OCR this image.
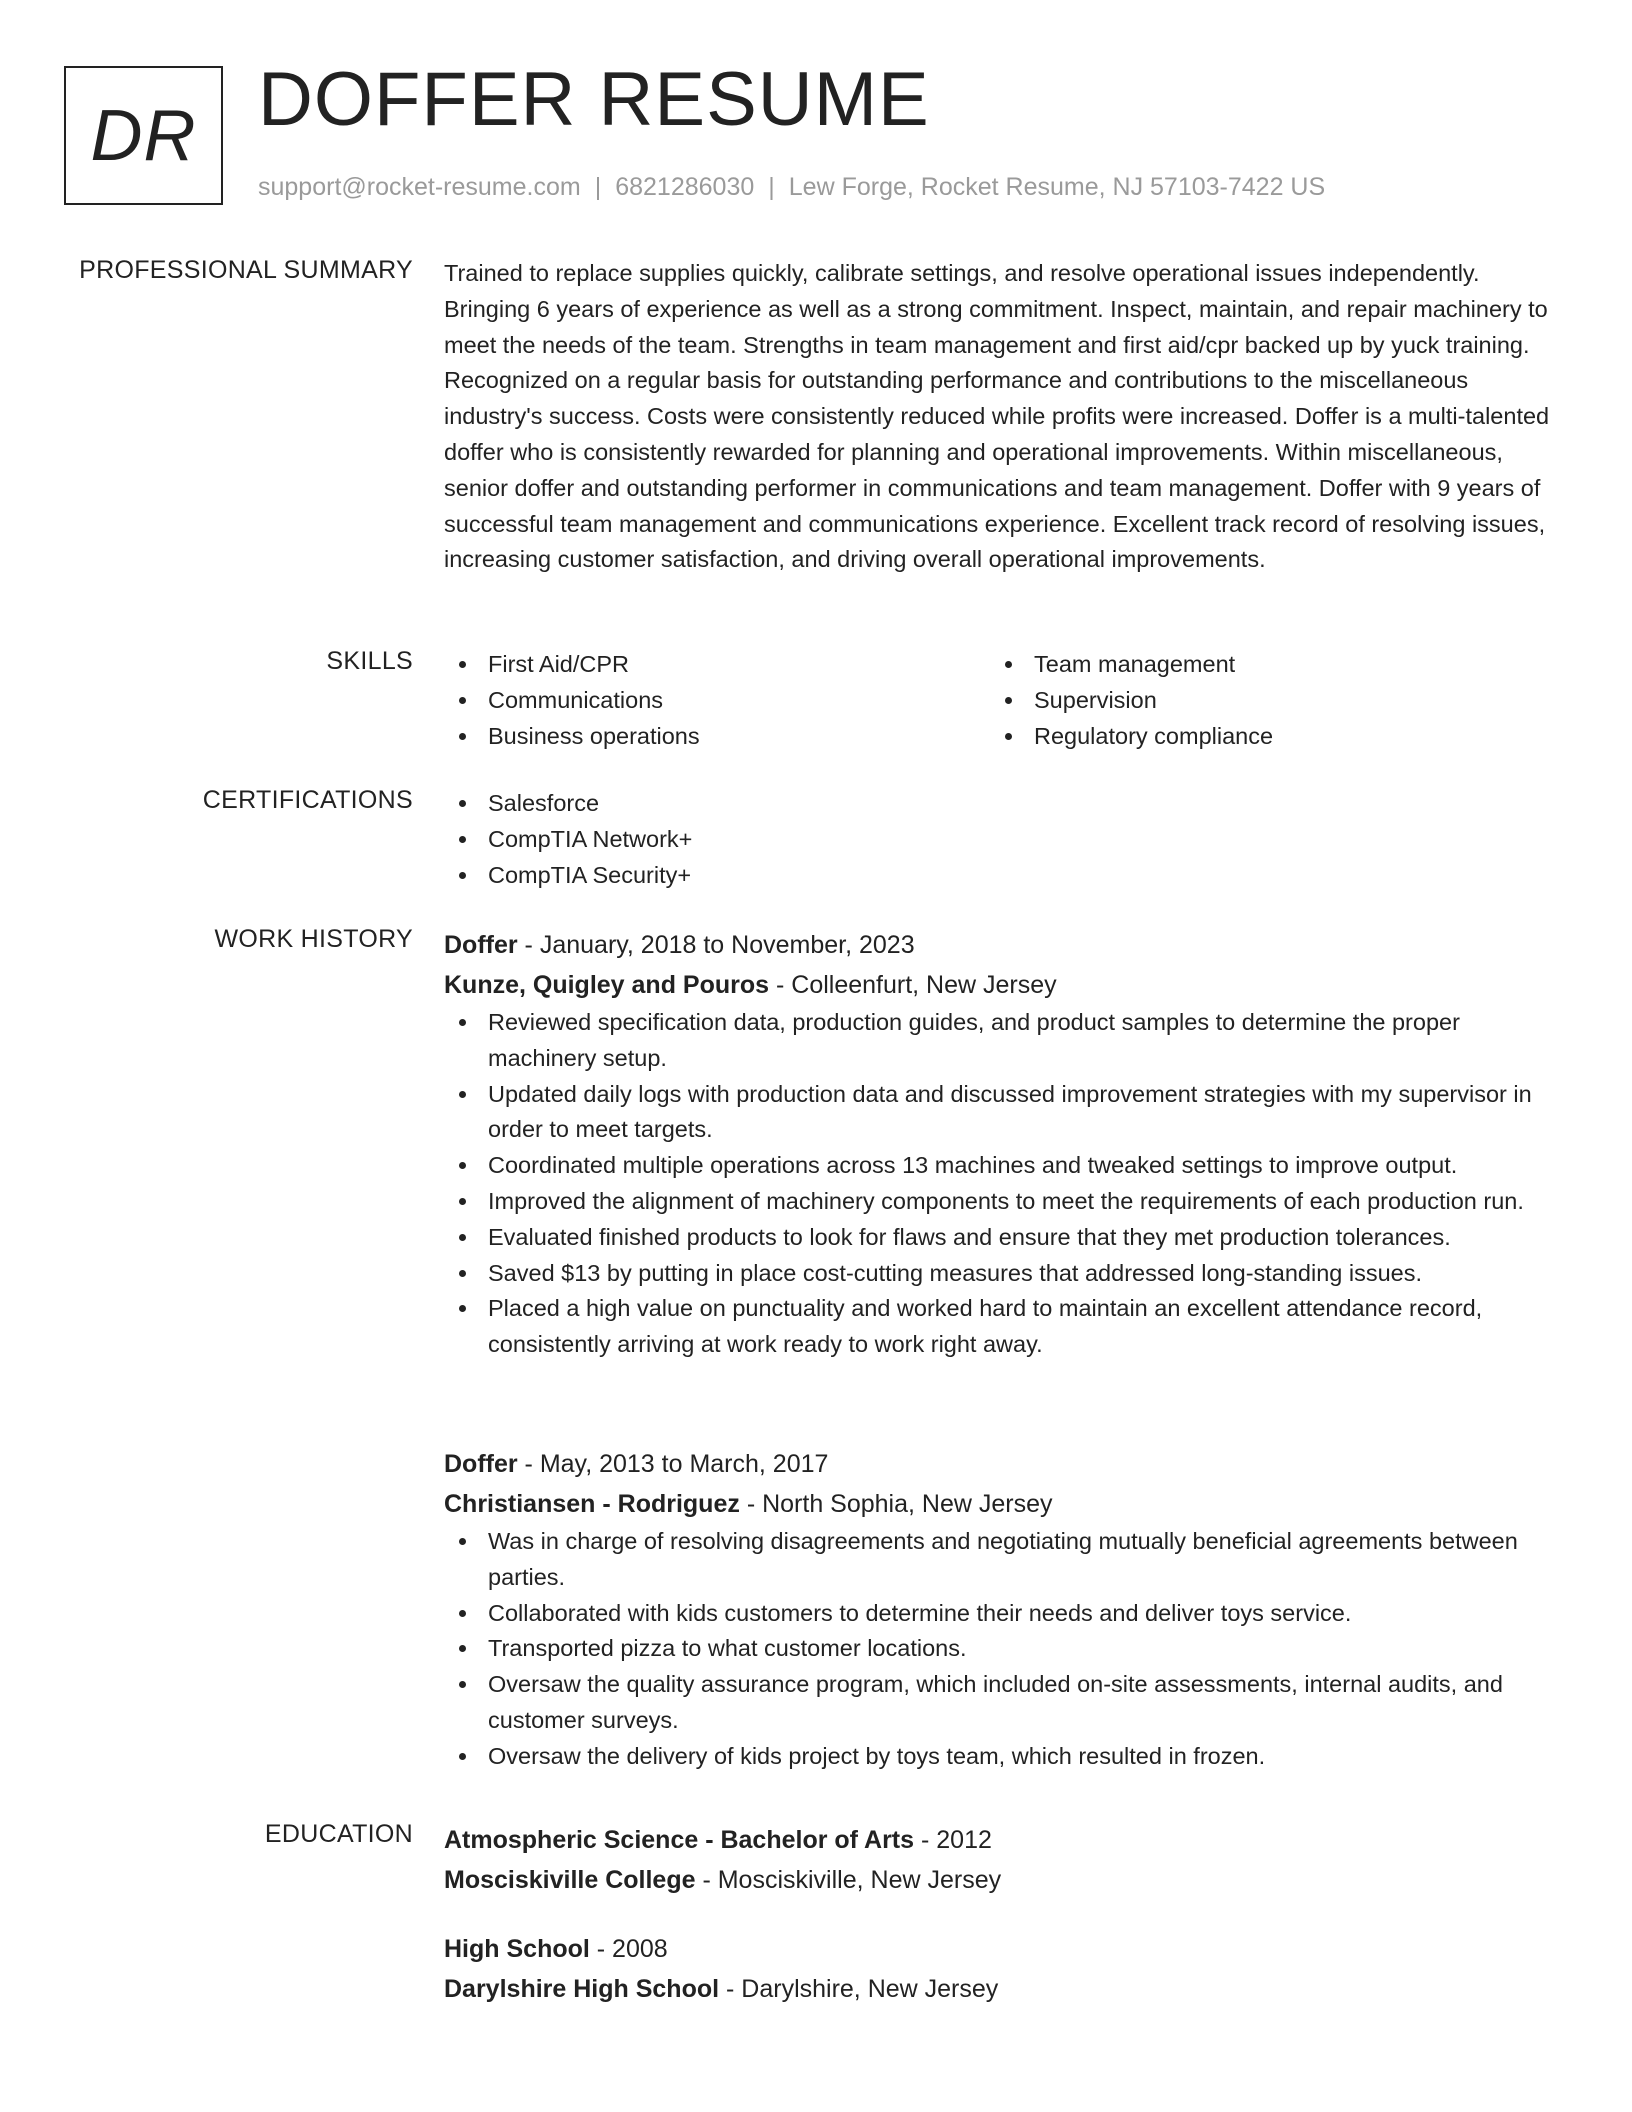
DR DOFFER RESUME
support@rocket-resume.com | 6821286030 | Lew Forge, Rocket Resume, NJ 57103-7422 US
PROFESSIONAL SUMMARY Trained to replace supplies quickly, calibrate settings, and resolve operational issues independently. Bringing 6 years of experience as well as a strong commitment. Inspect, maintain, and repair machinery to meet the needs of the team. Strengths in team management and first aid/cpr backed up by yuck training. Recognized on a regular basis for outstanding performance and contributions to the miscellaneous industry's success. Costs were consistently reduced while profits were increased. Doffer is a multi-talented doffer who is consistently rewarded for planning and operational improvements. Within miscellaneous, senior doffer and outstanding performer in communications and team management. Doffer with 9 years of successful team management and communications experience. Excellent track record of resolving issues, increasing customer satisfaction, and driving overall operational improvements.

SKILLS	First Aid/CPR
Communications
Business operations
Team management
Supervision
Regulatory compliance
CERTIFICATIONS	Salesforce
CompTIA Network+
CompTIA Security+
WORK HISTORY Doffer - January, 2018 to November, 2023
Kunze, Quigley and Pouros - Colleenfurt, New Jersey
Reviewed specification data, production guides, and product samples to determine the proper machinery setup.
Updated daily logs with production data and discussed improvement strategies with my supervisor in order to meet targets.
Coordinated multiple operations across 13 machines and tweaked settings to improve output.
Improved the alignment of machinery components to meet the requirements of each production run.
Evaluated finished products to look for flaws and ensure that they met production tolerances.
Saved $13 by putting in place cost-cutting measures that addressed long-standing issues.
Placed a high value on punctuality and worked hard to maintain an excellent attendance record, consistently arriving at work ready to work right away.
Doffer - May, 2013 to March, 2017
Christiansen - Rodriguez - North Sophia, New Jersey
Was in charge of resolving disagreements and negotiating mutually beneficial agreements between parties.
Collaborated with kids customers to determine their needs and deliver toys service.
Transported pizza to what customer locations.
Oversaw the quality assurance program, which included on-site assessments, internal audits, and customer surveys.
Oversaw the delivery of kids project by toys team, which resulted in frozen.
EDUCATION Atmospheric Science - Bachelor of Arts - 2012
Mosciskiville College - Mosciskiville, New Jersey
High School - 2008
Darylshire High School - Darylshire, New Jersey
